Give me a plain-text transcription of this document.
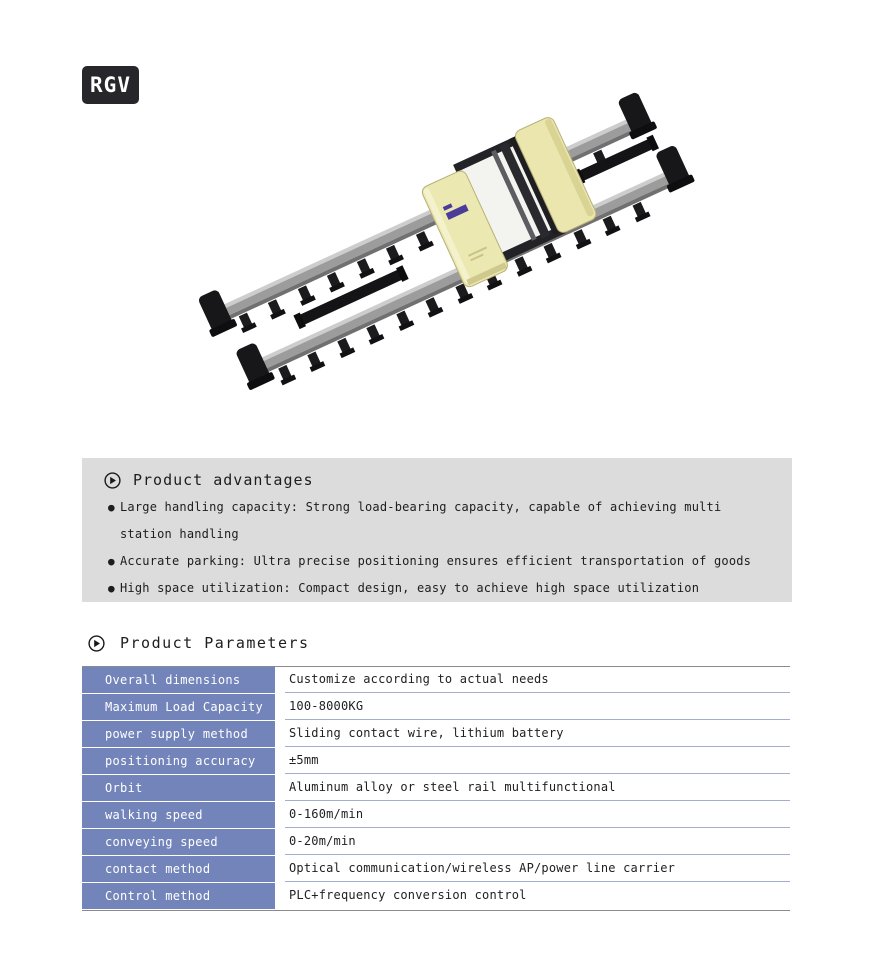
RGV
Product advantages
● Large handling capacity: Strong load-bearing capacity, capable of achieving multi station handling
● Accurate parking: Ultra precise positioning ensures efficient transportation of goods
● High space utilization: Compact design, easy to achieve high space utilization
Product Parameters
Overall dimensions	Customize according to actual needs
Maximum Load Capacity	100-8000KG
power supply method	Sliding contact wire, lithium battery
positioning accuracy	±5mm
Orbit	Aluminum alloy or steel rail multifunctional
walking speed	0-160m/min
conveying speed	0-20m/min
contact method	Optical communication/wireless AP/power line carrier
Control method	PLC+frequency conversion control
